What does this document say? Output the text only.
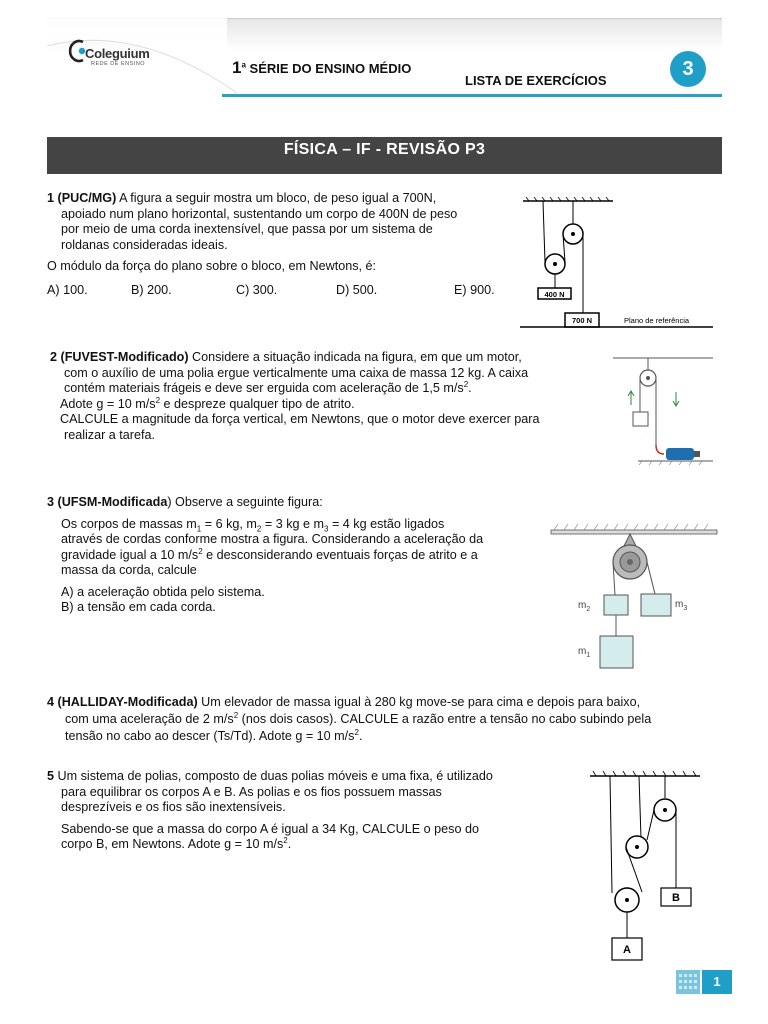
Coleguium
REDE DE ENSINO	1$^a$ SÉRIE DO ENSINO MÉDIO
LISTA DE EXERCÍCIOS
3
FÍSICA – IF - REVISÃO P3

1 (PUC/MG) A figura a seguir mostra um bloco, de peso igual a 700N,
apoiado num plano horizontal, sustentando um corpo de 400N de peso
por meio de uma corda inextensível, que passa por um sistema de
roldanas consideradas ideais.

O módulo da força do plano sobre o bloco, em Newtons, é:

A) 100.	B) 200.	C) 300.	D) 500.	E) 900.	400 N
700 N	Plano de referência

2 (FUVEST-Modificado) Considere a situação indicada na figura, em que um motor,
com o auxílio de uma polia ergue verticalmente uma caixa de massa 12 kg. A caixa
contém materiais frágeis e deve ser erguida com aceleração de 1,5 $m/s^2$.
Adote g = 10 $m/s^2$ e despreze qualquer tipo de atrito.
CALCULE a magnitude da força vertical, em Newtons, que o motor deve exercer para
realizar a tarefa.

3 (UFSM-Modificada) Observe a seguinte figura:

Os corpos de massas $m_1 = 6$ kg, $m_2 = 3$ kg e $m_3 = 4$ kg estão ligados
através de cordas conforme mostra a figura. Considerando a aceleração da
gravidade igual a 10 $m/s^2$ e desconsiderando eventuais forças de atrito e a
massa da corda, calcule

A) a aceleração obtida pelo sistema.
B) a tensão em cada corda.	$m_2$	$m_3$
$m_1$

4 (HALLIDAY-Modificada) Um elevador de massa igual à 280 kg move-se para cima e depois para baixo,
com uma aceleração de 2 $m/s^2$ (nos dois casos). CALCULE a razão entre a tensão no cabo subindo pela
tensão no cabo ao descer (Ts/Td). Adote g = 10 $m/s^2$.

5 Um sistema de polias, composto de duas polias móveis e uma fixa, é utilizado
para equilibrar os corpos A e B. As polias e os fios possuem massas
desprezíveis e os fios são inextensíveis.

Sabendo-se que a massa do corpo A é igual a 34 Kg, CALCULE o peso do
corpo B, em Newtons. Adote g = 10 $m/s^2$.

A
B
1
